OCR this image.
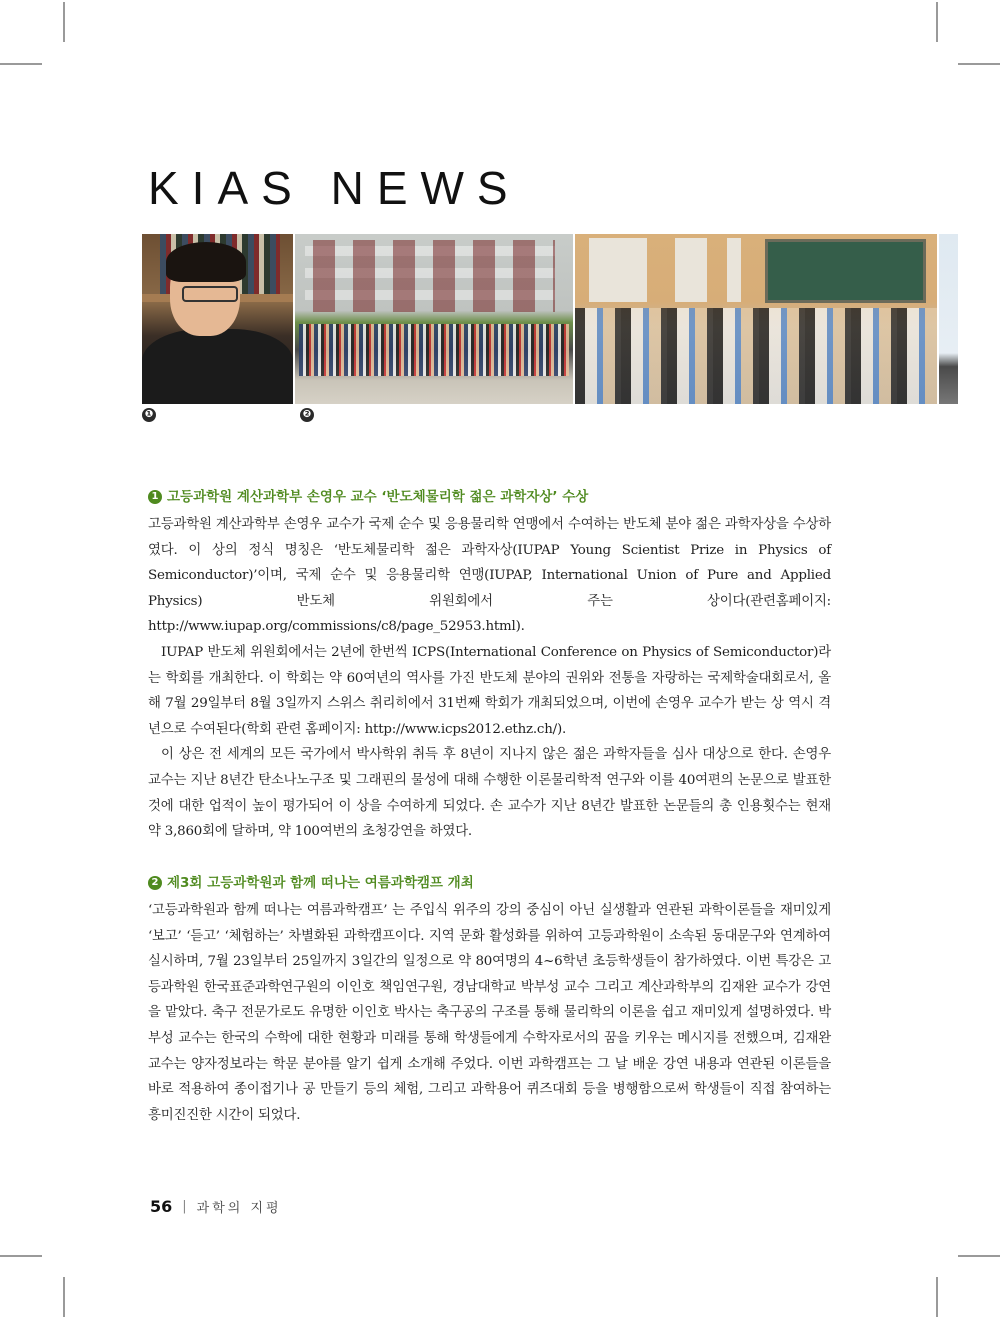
KIAS NEWS
❶	❷
1 고등과학원 계산과학부 손영우 교수 ‘반도체물리학 젊은 과학자상’ 수상

고등과학원 계산과학부 손영우 교수가 국제 순수 및 응용물리학 연맹에서 수여하는 반도체 분야 젊은 과학자상을 수상하였다. 이 상의 정식 명칭은 ‘반도체물리학 젊은 과학자상(IUPAP Young Scientist Prize in Physics of Semiconductor)’이며, 국제 순수 및 응용물리학 연맹(IUPAP, International Union of Pure and Applied Physics) 반도체 위원회에서 주는 상이다(관련홈페이지: http://www.iupap.org/commissions/c8/page_52953.html).

IUPAP 반도체 위원회에서는 2년에 한번씩 ICPS(International Conference on Physics of Semiconductor)라는 학회를 개최한다. 이 학회는 약 60여년의 역사를 가진 반도체 분야의 권위와 전통을 자랑하는 국제학술대회로서, 올해 7월 29일부터 8월 3일까지 스위스 취리히에서 31번째 학회가 개최되었으며, 이번에 손영우 교수가 받는 상 역시 격년으로 수여된다(학회 관련 홈페이지: http://www.icps2012.ethz.ch/).

이 상은 전 세계의 모든 국가에서 박사학위 취득 후 8년이 지나지 않은 젊은 과학자들을 심사 대상으로 한다. 손영우 교수는 지난 8년간 탄소나노구조 및 그래핀의 물성에 대해 수행한 이론물리학적 연구와 이를 40여편의 논문으로 발표한 것에 대한 업적이 높이 평가되어 이 상을 수여하게 되었다. 손 교수가 지난 8년간 발표한 논문들의 총 인용횟수는 현재 약 3,860회에 달하며, 약 100여번의 초청강연을 하였다.

2 제3회 고등과학원과 함께 떠나는 여름과학캠프 개최

‘고등과학원과 함께 떠나는 여름과학캠프’ 는 주입식 위주의 강의 중심이 아닌 실생활과 연관된 과학이론들을 재미있게 ‘보고’ ‘듣고’ ‘체험하는’ 차별화된 과학캠프이다. 지역 문화 활성화를 위하여 고등과학원이 소속된 동대문구와 연계하여 실시하며, 7월 23일부터 25일까지 3일간의 일정으로 약 80여명의 4~6학년 초등학생들이 참가하였다. 이번 특강은 고등과학원 한국표준과학연구원의 이인호 책임연구원, 경남대학교 박부성 교수 그리고 계산과학부의 김재완 교수가 강연을 맡았다. 축구 전문가로도 유명한 이인호 박사는 축구공의 구조를 통해 물리학의 이론을 쉽고 재미있게 설명하였다. 박부성 교수는 한국의 수학에 대한 현황과 미래를 통해 학생들에게 수학자로서의 꿈을 키우는 메시지를 전했으며, 김재완 교수는 양자정보라는 학문 분야를 알기 쉽게 소개해 주었다. 이번 과학캠프는 그 날 배운 강연 내용과 연관된 이론들을 바로 적용하여 종이접기나 공 만들기 등의 체험, 그리고 과학용어 퀴즈대회 등을 병행함으로써 학생들이 직접 참여하는 흥미진진한 시간이 되었다.

56 | 과학의 지평
